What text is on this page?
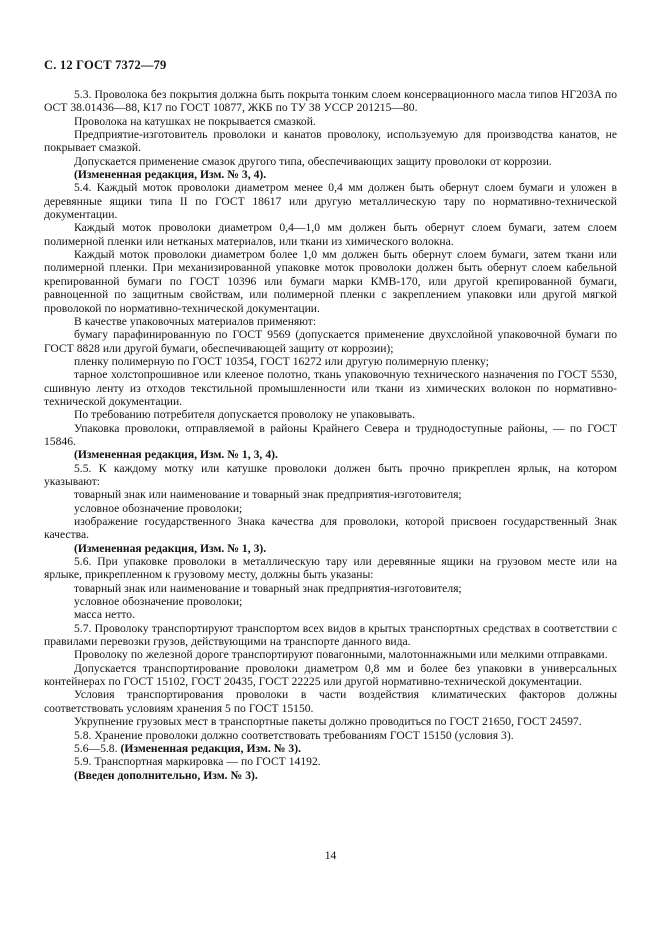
С. 12 ГОСТ 7372—79

5.3. Проволока без покрытия должна быть покрыта тонким слоем консервационного масла типов НГ203А по ОСТ 38.01436—88, К17 по ГОСТ 10877, ЖКБ по ТУ 38 УССР 201215—80.

Проволока на катушках не покрывается смазкой.

Предприятие-изготовитель проволоки и канатов проволоку, используемую для производства канатов, не покрывает смазкой.

Допускается применение смазок другого типа, обеспечивающих защиту проволоки от коррозии.

(Измененная редакция, Изм. № 3, 4).

5.4. Каждый моток проволоки диаметром менее 0,4 мм должен быть обернут слоем бумаги и уложен в деревянные ящики типа II по ГОСТ 18617 или другую металлическую тару по нормативно-технической документации.

Каждый моток проволоки диаметром 0,4—1,0 мм должен быть обернут слоем бумаги, затем слоем полимерной пленки или нетканых материалов, или ткани из химического волокна.

Каждый моток проволоки диаметром более 1,0 мм должен быть обернут слоем бумаги, затем ткани или полимерной пленки. При механизированной упаковке моток проволоки должен быть обернут слоем кабельной крепированной бумаги по ГОСТ 10396 или бумаги марки КМВ-170, или другой крепированной бумаги, равноценной по защитным свойствам, или полимерной пленки с закреплением упаковки или другой мягкой проволокой по нормативно-технической документации.

В качестве упаковочных материалов применяют:

бумагу парафинированную по ГОСТ 9569 (допускается применение двухслойной упаковочной бумаги по ГОСТ 8828 или другой бумаги, обеспечивающей защиту от коррозии);

пленку полимерную по ГОСТ 10354, ГОСТ 16272 или другую полимерную пленку;

тарное холстопрошивное или клееное полотно, ткань упаковочную технического назначения по ГОСТ 5530, сшивную ленту из отходов текстильной промышленности или ткани из химических волокон по нормативно-технической документации.

По требованию потребителя допускается проволоку не упаковывать.

Упаковка проволоки, отправляемой в районы Крайнего Севера и труднодоступные районы, — по ГОСТ 15846.

(Измененная редакция, Изм. № 1, 3, 4).

5.5. К каждому мотку или катушке проволоки должен быть прочно прикреплен ярлык, на котором указывают:

товарный знак или наименование и товарный знак предприятия-изготовителя;

условное обозначение проволоки;

изображение государственного Знака качества для проволоки, которой присвоен государственный Знак качества.

(Измененная редакция, Изм. № 1, 3).

5.6. При упаковке проволоки в металлическую тару или деревянные ящики на грузовом месте или на ярлыке, прикрепленном к грузовому месту, должны быть указаны:

товарный знак или наименование и товарный знак предприятия-изготовителя;

условное обозначение проволоки;

масса нетто.

5.7. Проволоку транспортируют транспортом всех видов в крытых транспортных средствах в соответствии с правилами перевозки грузов, действующими на транспорте данного вида.

Проволоку по железной дороге транспортируют повагонными, малотоннажными или мелкими отправками.

Допускается транспортирование проволоки диаметром 0,8 мм и более без упаковки в универсальных контейнерах по ГОСТ 15102, ГОСТ 20435, ГОСТ 22225 или другой нормативно-технической документации.

Условия транспортирования проволоки в части воздействия климатических факторов должны соответствовать условиям хранения 5 по ГОСТ 15150.

Укрупнение грузовых мест в транспортные пакеты должно проводиться по ГОСТ 21650, ГОСТ 24597.

5.8. Хранение проволоки должно соответствовать требованиям ГОСТ 15150 (условия 3).

5.6—5.8. (Измененная редакция, Изм. № 3).

5.9. Транспортная маркировка — по ГОСТ 14192.

(Введен дополнительно, Изм. № 3).

14
